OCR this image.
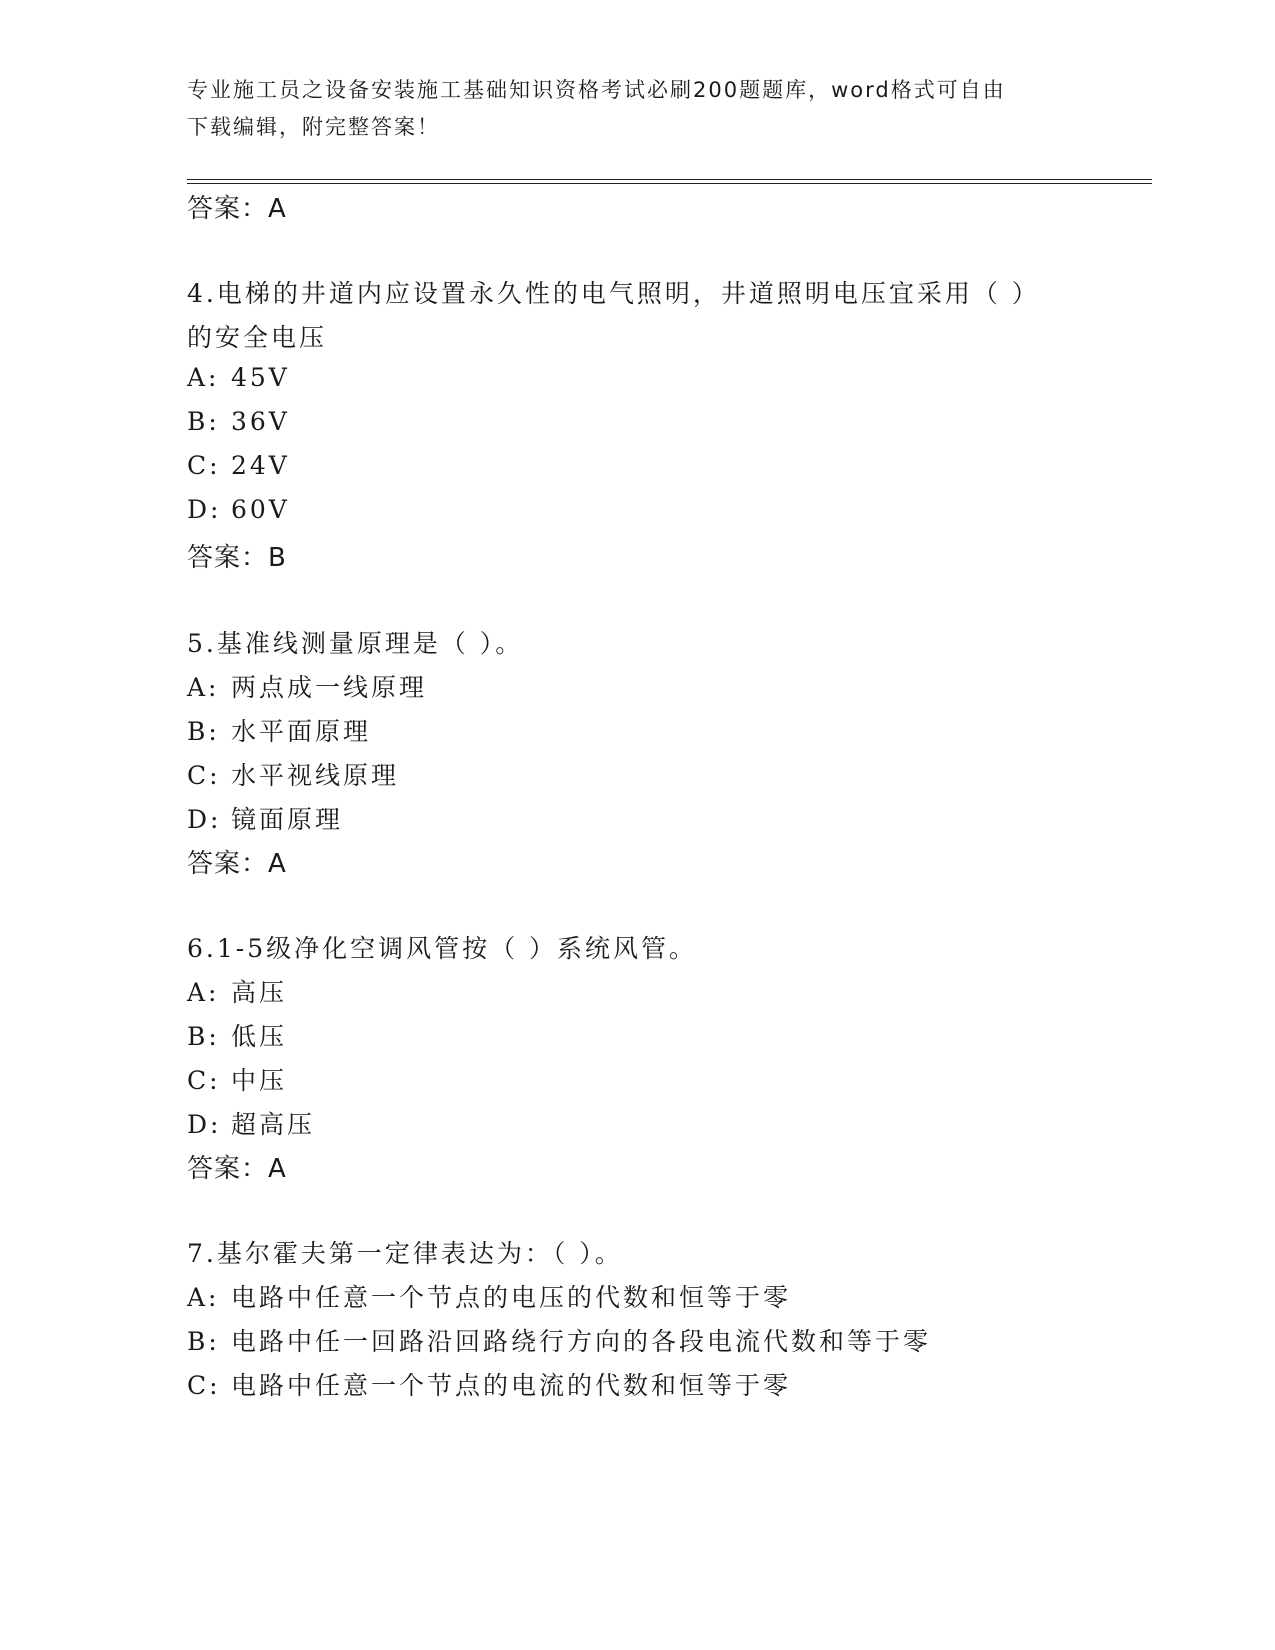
专业施工员之设备安装施工基础知识资格考试必刷200题题库，word格式可自由
下载编辑，附完整答案！
答案：A
4.电梯的井道内应设置永久性的电气照明，井道照明电压宜采用（ ）
的安全电压
A: 45V
B: 36V
C: 24V
D: 60V
答案：B
5.基准线测量原理是（ ）。
A: 两点成一线原理
B: 水平面原理
C: 水平视线原理
D: 镜面原理
答案：A
6.1-5级净化空调风管按（ ）系统风管。
A: 高压
B: 低压
C: 中压
D: 超高压
答案：A
7.基尔霍夫第一定律表达为：（ ）。
A: 电路中任意一个节点的电压的代数和恒等于零
B: 电路中任一回路沿回路绕行方向的各段电流代数和等于零
C: 电路中任意一个节点的电流的代数和恒等于零
